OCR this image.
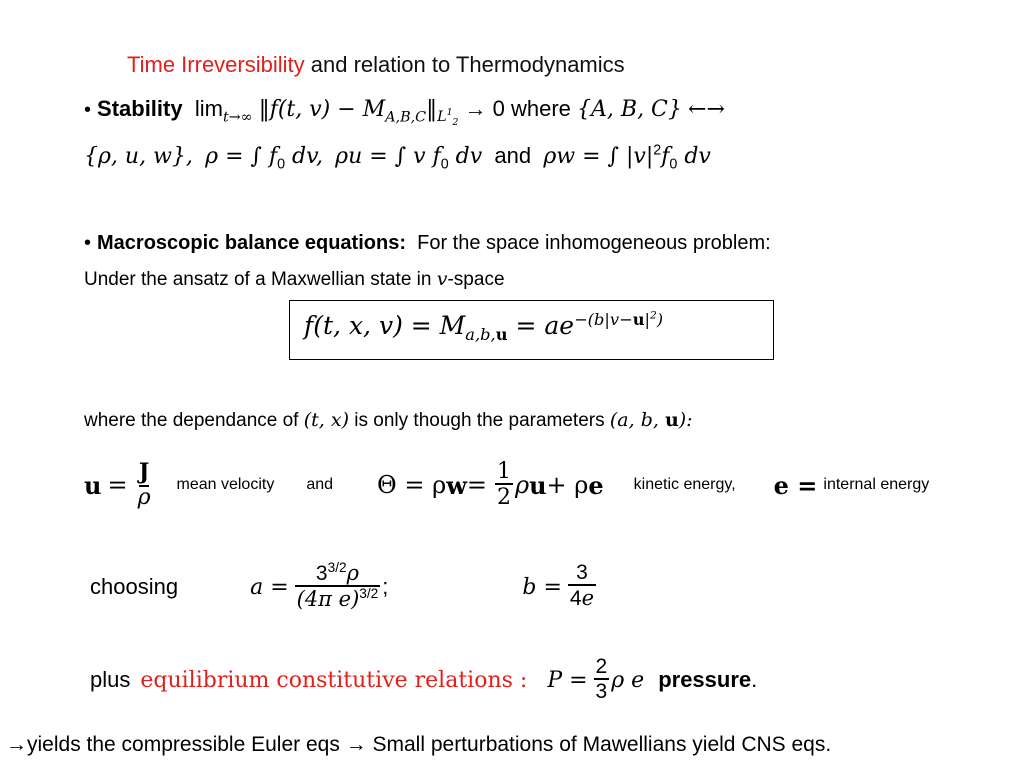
Time Irreversibility and relation to Thermodynamics
• Stability $\lim_{t\to\infty}$ ‖f(t, $v) - M_{A,B,C}‖_{L^1_2} \to 0$ where {A, B, C} ←→
{ρ, u, w}, ρ = ∫ $f_0$ dv, ρu = ∫ v $f_0$ dv and ρw = ∫ $|v|^2f_0$ dv
• Macroscopic balance equations: For the space inhomogeneous problem:
Under the ansatz of a Maxwellian state in v-space
f(t, x, $v) = M_{a,b,u} = ae^{-(b|v-u|^2)}$
where the dependance of (t, x) is only though the parameters (a, b, u):
$u = \frac{J}{\rho}$ mean velocity and Θ = ρ $w = \frac{1}{2}$ ρ u + ρ e kinetic energy, e = internal energy
choosing	$a = \frac{3^{3/2}\rho}{(4\pi e)^{3/2}}$ ;	$b = \frac{3}{4e}$
plus equilibrium constitutive relations : $P = \frac{2}{3}$ ρ e pressure .
→yields the compressible Euler eqs → Small perturbations of Mawellians yield CNS eqs.
